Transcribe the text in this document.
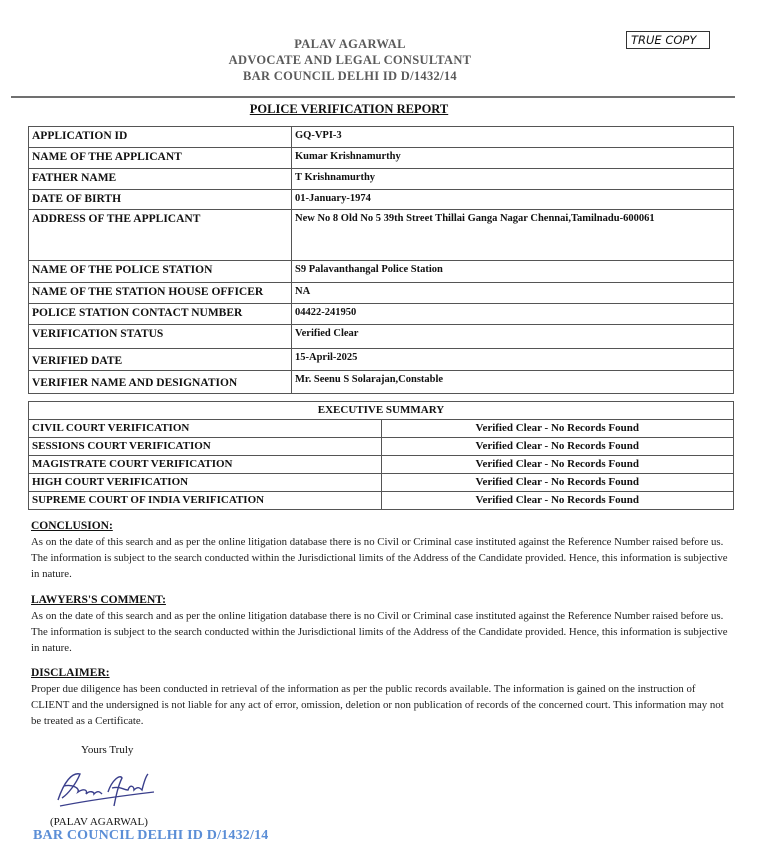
PALAV AGARWAL
ADVOCATE AND LEGAL CONSULTANT
BAR COUNCIL DELHI ID D/1432/14
TRUE COPY
POLICE VERIFICATION REPORT
APPLICATION ID	GQ-VPI-3
NAME OF THE APPLICANT	Kumar Krishnamurthy
FATHER NAME	T Krishnamurthy
DATE OF BIRTH	01-January-1974
ADDRESS OF THE APPLICANT	New No 8 Old No 5 39th Street Thillai Ganga Nagar Chennai,Tamilnadu-600061
NAME OF THE POLICE STATION	S9 Palavanthangal Police Station
NAME OF THE STATION HOUSE OFFICER	NA
POLICE STATION CONTACT NUMBER	04422-241950
VERIFICATION STATUS	Verified Clear
VERIFIED DATE	15-April-2025
VERIFIER NAME AND DESIGNATION	Mr. Seenu S Solarajan,Constable
EXECUTIVE SUMMARY	
CIVIL COURT VERIFICATION	Verified Clear - No Records Found
SESSIONS COURT VERIFICATION	Verified Clear - No Records Found
MAGISTRATE COURT VERIFICATION	Verified Clear - No Records Found
HIGH COURT VERIFICATION	Verified Clear - No Records Found
SUPREME COURT OF INDIA VERIFICATION	Verified Clear - No Records Found
CONCLUSION:
As on the date of this search and as per the online litigation database there is no Civil or Criminal case instituted against the Reference Number raised before us. The information is subject to the search conducted within the Jurisdictional limits of the Address of the Candidate provided. Hence, this information is subjective in nature.
LAWYERS'S COMMENT:
As on the date of this search and as per the online litigation database there is no Civil or Criminal case instituted against the Reference Number raised before us. The information is subject to the search conducted within the Jurisdictional limits of the Address of the Candidate provided. Hence, this information is subjective in nature.
DISCLAIMER:
Proper due diligence has been conducted in retrieval of the information as per the public records available. The information is gained on the instruction of CLIENT and the undersigned is not liable for any act of error, omission, deletion or non publication of records of the concerned court. This information may not be treated as a Certificate.
Yours Truly
(PALAV AGARWAL)
BAR COUNCIL DELHI ID D/1432/14
